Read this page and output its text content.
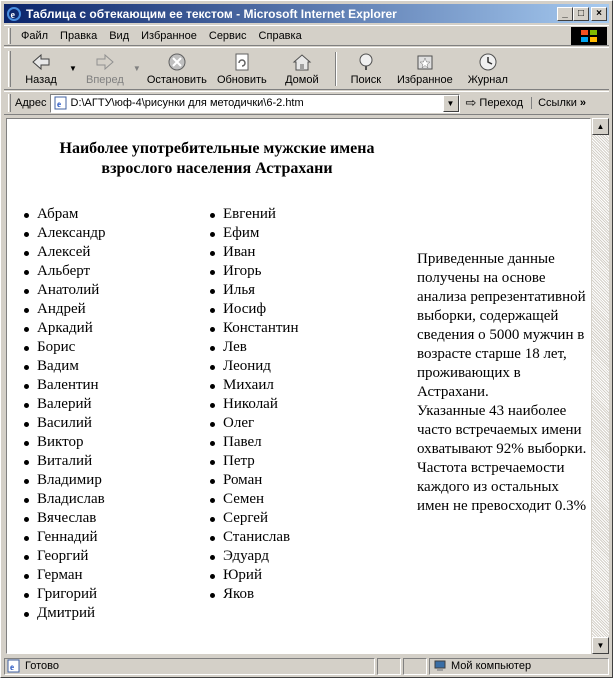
e Таблица с обтекающим ее текстом - Microsoft Internet Explorer	_	□	×
Файл	Правка	Вид	Избранное	Сервис	Справка
Назад
▼
Вперед
▼
Остановить Обновить Домой	Поиск Избранное Журнал
Адрес e
D:\АГТУ\юф-4\рисунки для методички\6-2.htm	▼ ⇨ Переход	Ссылки »
Наиболее употребительные мужские имена
взрослого населения Астрахани
Абрам
Александр
Алексей
Альберт
Анатолий
Андрей
Аркадий
Борис
Вадим
Валентин
Валерий
Василий
Виктор
Виталий
Владимир
Владислав
Вячеслав
Геннадий
Георгий
Герман
Григорий
Дмитрий
Евгений
Ефим
Иван
Игорь
Илья
Иосиф
Константин
Лев
Леонид
Михаил
Николай
Олег
Павел
Петр
Роман
Семен
Сергей
Станислав
Эдуард
Юрий
Яков

Приведенные данные получены на основе анализа репрезентативной выборки, содержащей сведения о 5000 мужчин в возрасте старше 18 лет, проживающих в Астрахани.

Указанные 43 наиболее часто встречаемых имени охватывают 92% выборки.

Частота встречаемости каждого из остальных имен не превосходит 0.3%

▲
▼
e Готово	Мой компьютер
